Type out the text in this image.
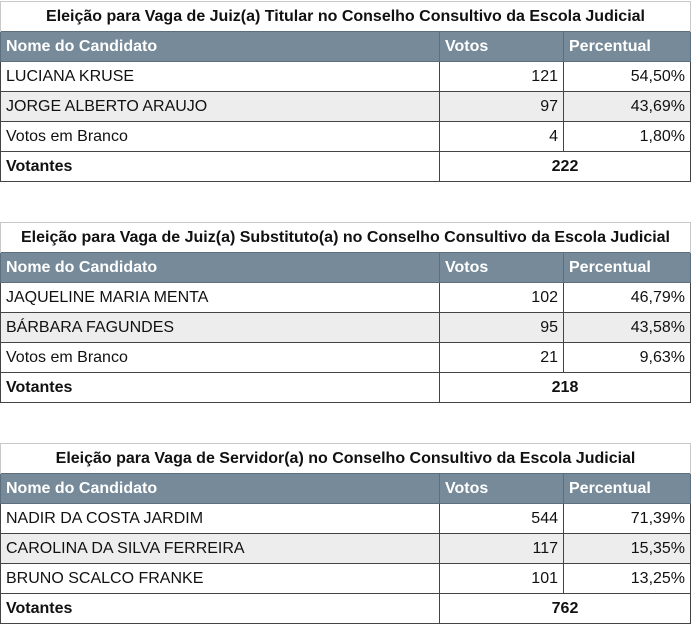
Eleição para Vaga de Juiz(a) Titular no Conselho Consultivo da Escola Judicial		
Nome do Candidato	Votos	Percentual
LUCIANA KRUSE	121	54,50%
JORGE ALBERTO ARAUJO	97	43,69%
Votos em Branco	4	1,80%
Votantes	222	
Eleição para Vaga de Juiz(a) Substituto(a) no Conselho Consultivo da Escola Judicial		
Nome do Candidato	Votos	Percentual
JAQUELINE MARIA MENTA	102	46,79%
BÁRBARA FAGUNDES	95	43,58%
Votos em Branco	21	9,63%
Votantes	218	
Eleição para Vaga de Servidor(a) no Conselho Consultivo da Escola Judicial		
Nome do Candidato	Votos	Percentual
NADIR DA COSTA JARDIM	544	71,39%
CAROLINA DA SILVA FERREIRA	117	15,35%
BRUNO SCALCO FRANKE	101	13,25%
Votantes	762	
